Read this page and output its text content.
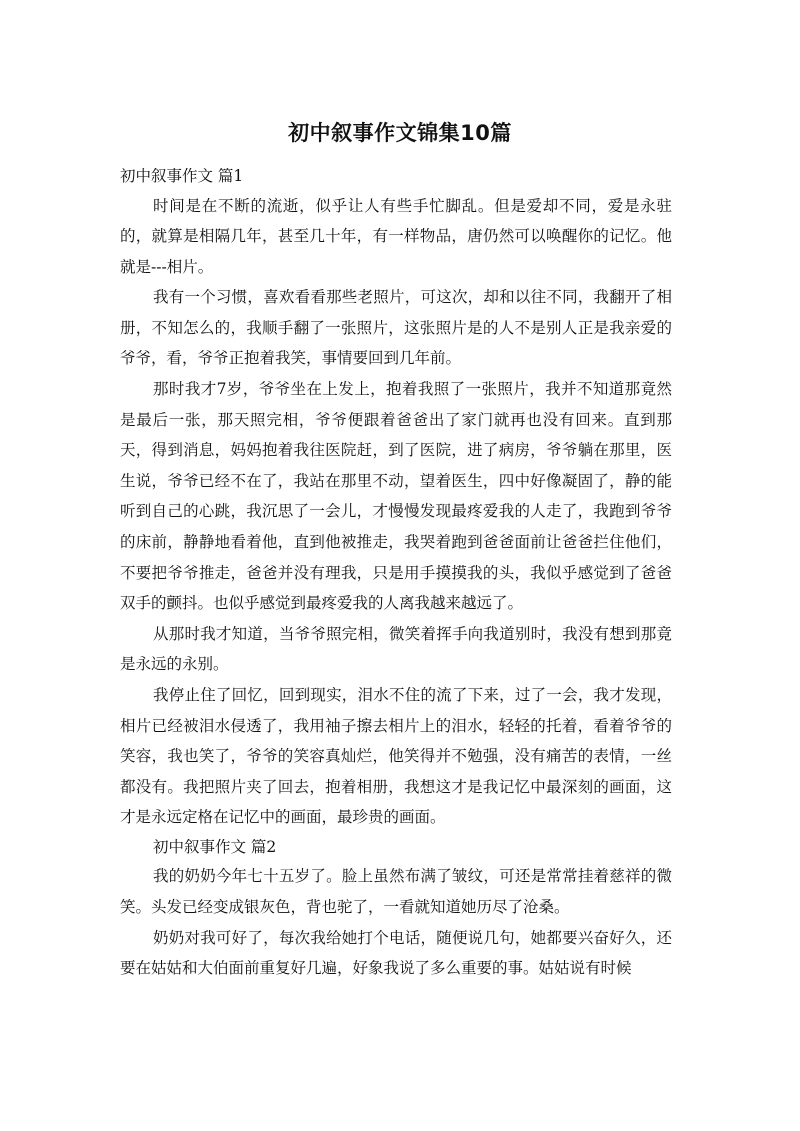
初中叙事作文锦集10篇

初中叙事作文 篇1

时间是在不断的流逝，似乎让人有些手忙脚乱。但是爱却不同，爱是永驻的，就算是相隔几年，甚至几十年，有一样物品，唐仍然可以唤醒你的记忆。他就是---相片。

我有一个习惯，喜欢看看那些老照片，可这次，却和以往不同，我翻开了相册，不知怎么的，我顺手翻了一张照片，这张照片是的人不是别人正是我亲爱的爷爷，看，爷爷正抱着我笑，事情要回到几年前。

那时我才7岁，爷爷坐在上发上，抱着我照了一张照片，我并不知道那竟然是最后一张，那天照完相，爷爷便跟着爸爸出了家门就再也没有回来。直到那天，得到消息，妈妈抱着我往医院赶，到了医院，进了病房，爷爷躺在那里，医生说，爷爷已经不在了，我站在那里不动，望着医生，四中好像凝固了，静的能听到自己的心跳，我沉思了一会儿，才慢慢发现最疼爱我的人走了，我跑到爷爷的床前，静静地看着他，直到他被推走，我哭着跑到爸爸面前让爸爸拦住他们，不要把爷爷推走，爸爸并没有理我，只是用手摸摸我的头，我似乎感觉到了爸爸双手的颤抖。也似乎感觉到最疼爱我的人离我越来越远了。

从那时我才知道，当爷爷照完相，微笑着挥手向我道别时，我没有想到那竟是永远的永别。

我停止住了回忆，回到现实，泪水不住的流了下来，过了一会，我才发现，相片已经被泪水侵透了，我用袖子擦去相片上的泪水，轻轻的托着，看着爷爷的笑容，我也笑了，爷爷的笑容真灿烂，他笑得并不勉强，没有痛苦的表情，一丝都没有。我把照片夹了回去，抱着相册，我想这才是我记忆中最深刻的画面，这才是永远定格在记忆中的画面，最珍贵的画面。

初中叙事作文 篇2

我的奶奶今年七十五岁了。脸上虽然布满了皱纹，可还是常常挂着慈祥的微笑。头发已经变成银灰色，背也驼了，一看就知道她历尽了沧桑。

奶奶对我可好了，每次我给她打个电话，随便说几句，她都要兴奋好久，还要在姑姑和大伯面前重复好几遍，好象我说了多么重要的事。姑姑说有时候
